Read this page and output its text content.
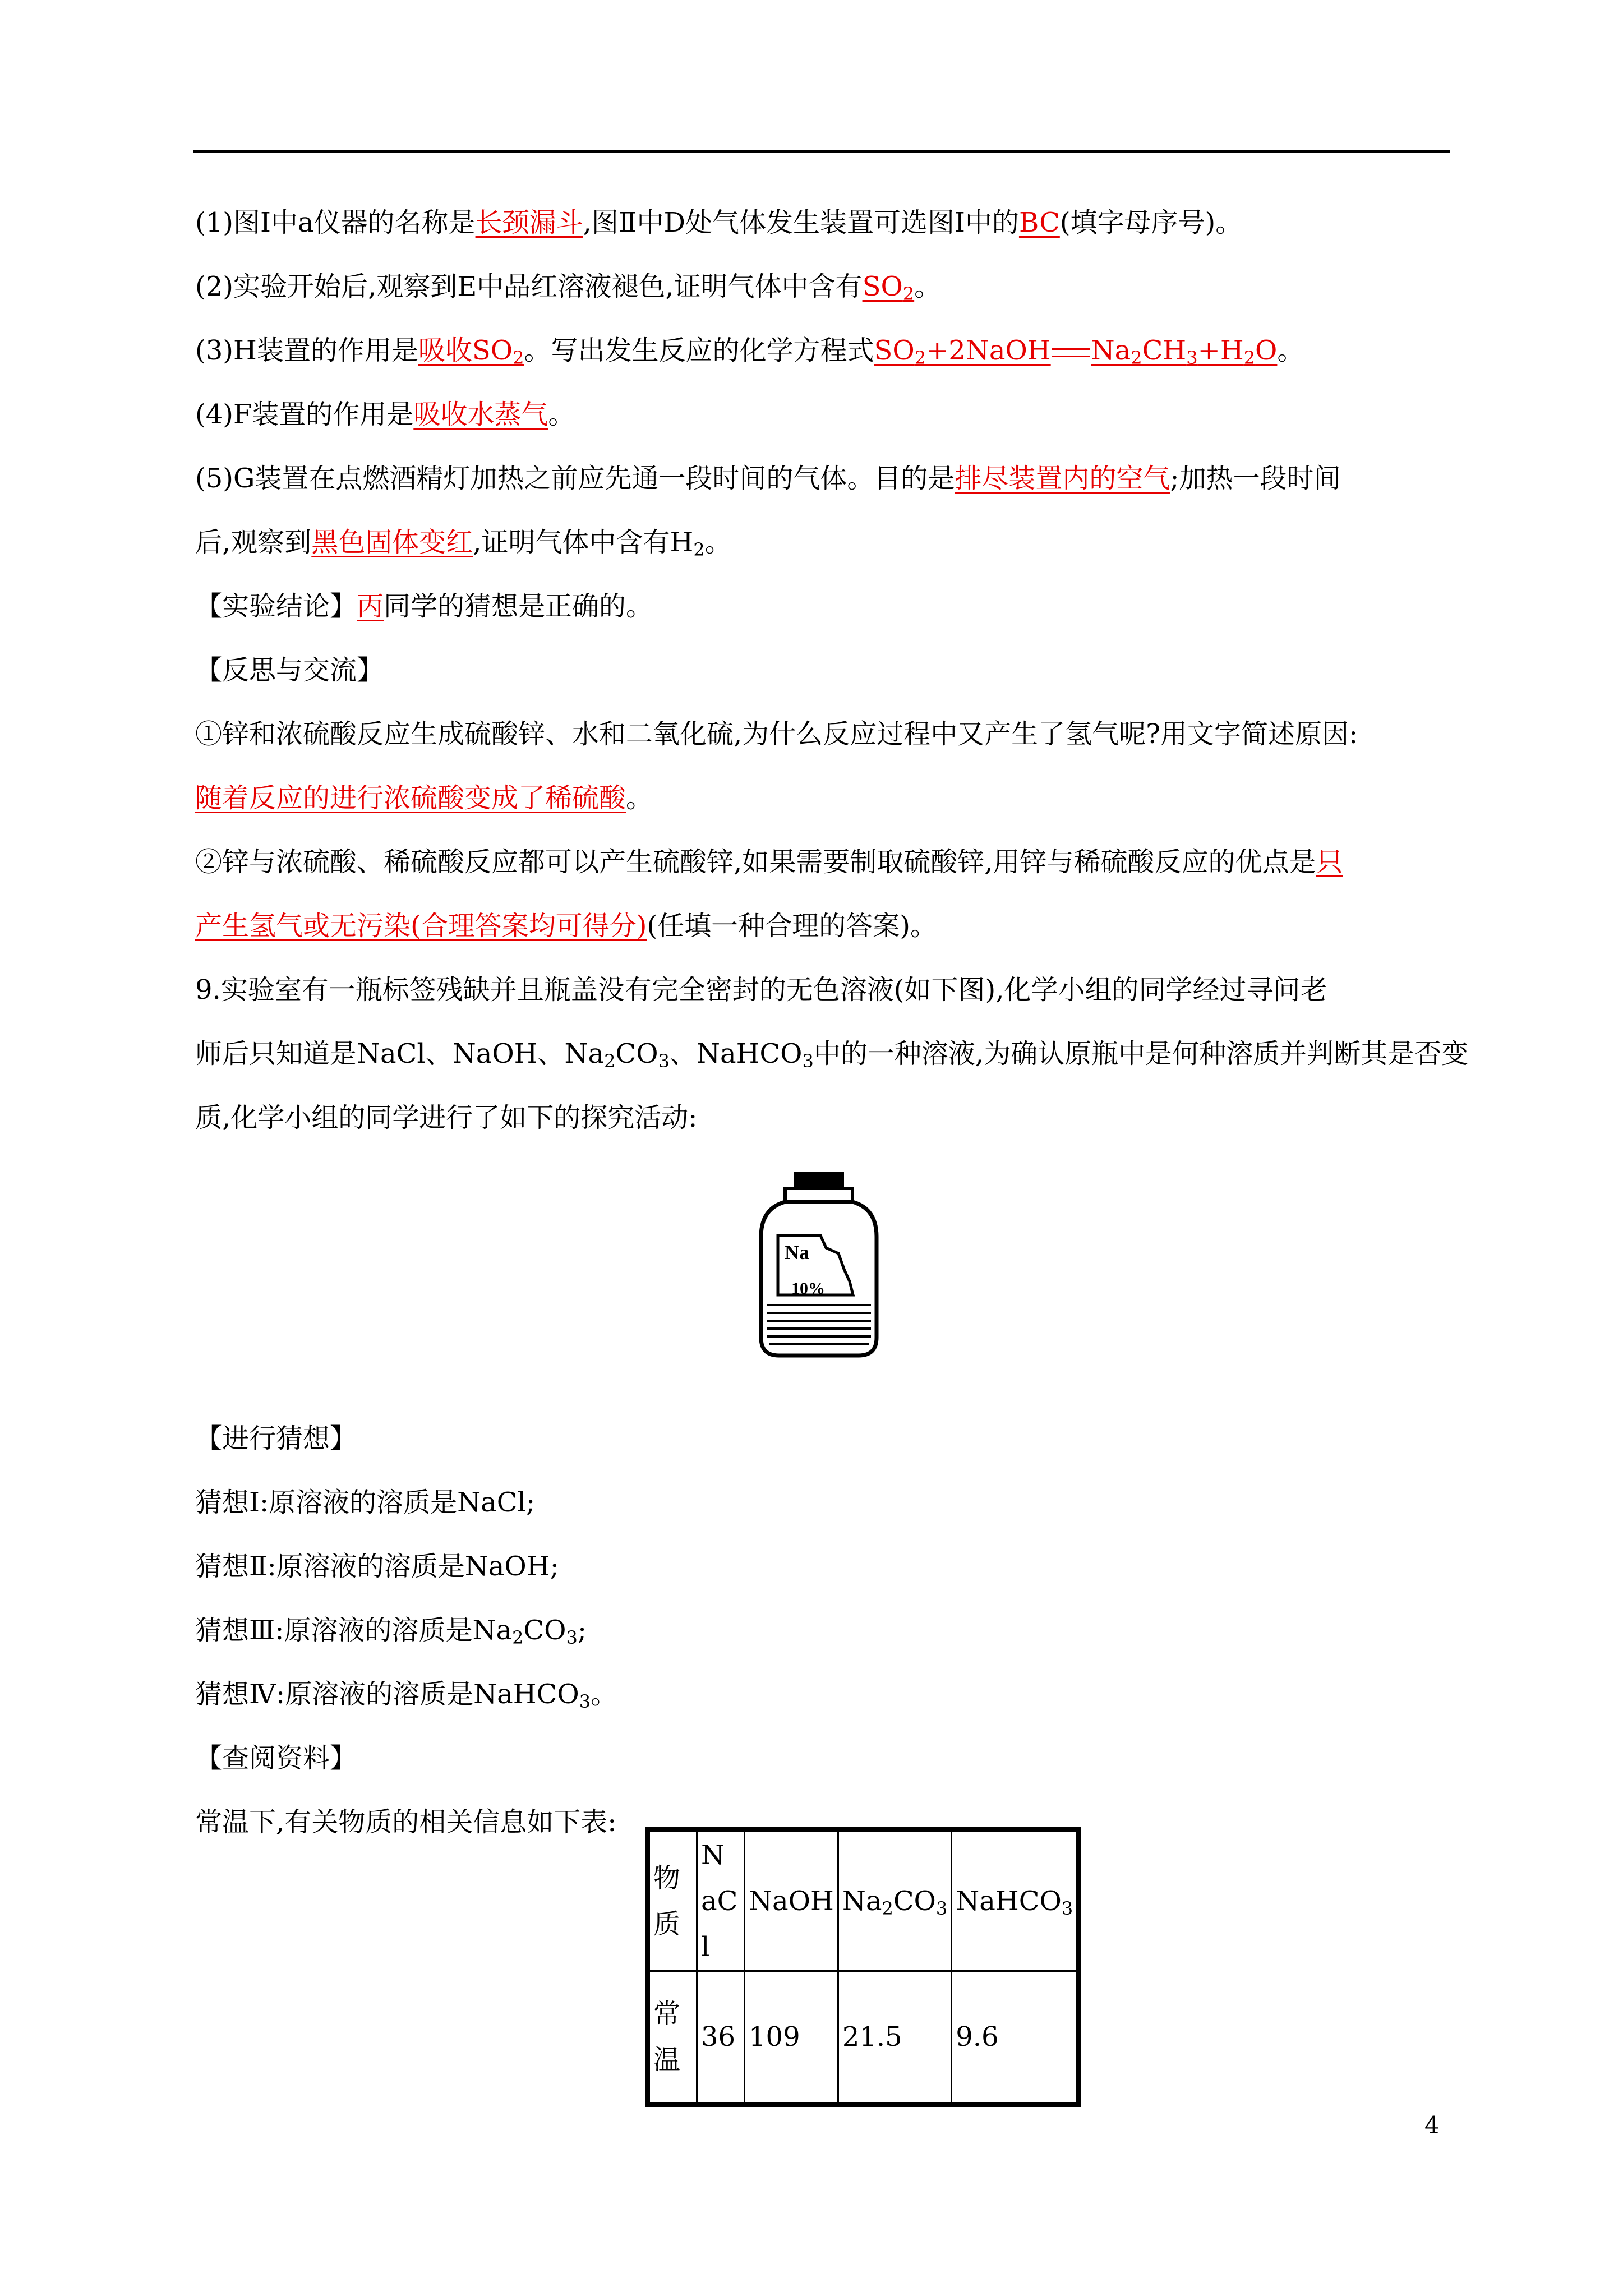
(1)图Ⅰ中a仪器的名称是长颈漏斗,图Ⅱ中D处气体发生装置可选图Ⅰ中的BC(填字母序号)。
(2)实验开始后,观察到E中品红溶液褪色,证明气体中含有$SO_2$。
(3)H装置的作用是吸收$SO_2$。写出发生反应的化学方程式$SO_2+2NaOH$ $Na_2CH_3+H_2O$。
(4)F装置的作用是吸收水蒸气。
(5)G装置在点燃酒精灯加热之前应先通一段时间的气体。目的是排尽装置内的空气;加热一段时间
后,观察到黑色固体变红,证明气体中含有$H_2$。
【实验结论】丙同学的猜想是正确的。
【反思与交流】
①锌和浓硫酸反应生成硫酸锌、水和二氧化硫,为什么反应过程中又产生了氢气呢?用文字简述原因:
随着反应的进行浓硫酸变成了稀硫酸。
②锌与浓硫酸、稀硫酸反应都可以产生硫酸锌,如果需要制取硫酸锌,用锌与稀硫酸反应的优点是只
产生氢气或无污染(合理答案均可得分)(任填一种合理的答案)。
9.实验室有一瓶标签残缺并且瓶盖没有完全密封的无色溶液(如下图),化学小组的同学经过寻问老
师后只知道是NaCl、NaOH、$Na_2CO_3$、NaHCO$_3$中的一种溶液,为确认原瓶中是何种溶质并判断其是否变
质,化学小组的同学进行了如下的探究活动:
【进行猜想】
猜想Ⅰ:原溶液的溶质是NaCl;
猜想Ⅱ:原溶液的溶质是NaOH;
猜想Ⅲ:原溶液的溶质是$Na_2CO_3$;
猜想Ⅳ:原溶液的溶质是NaHCO$_3$。
【查阅资料】
常温下,有关物质的相关信息如下表:
Na
10%
物质	NaCl	NaOH	$Na_2CO_3$	NaHCO$_3$
常温	36	109	21.5	9.6
4
